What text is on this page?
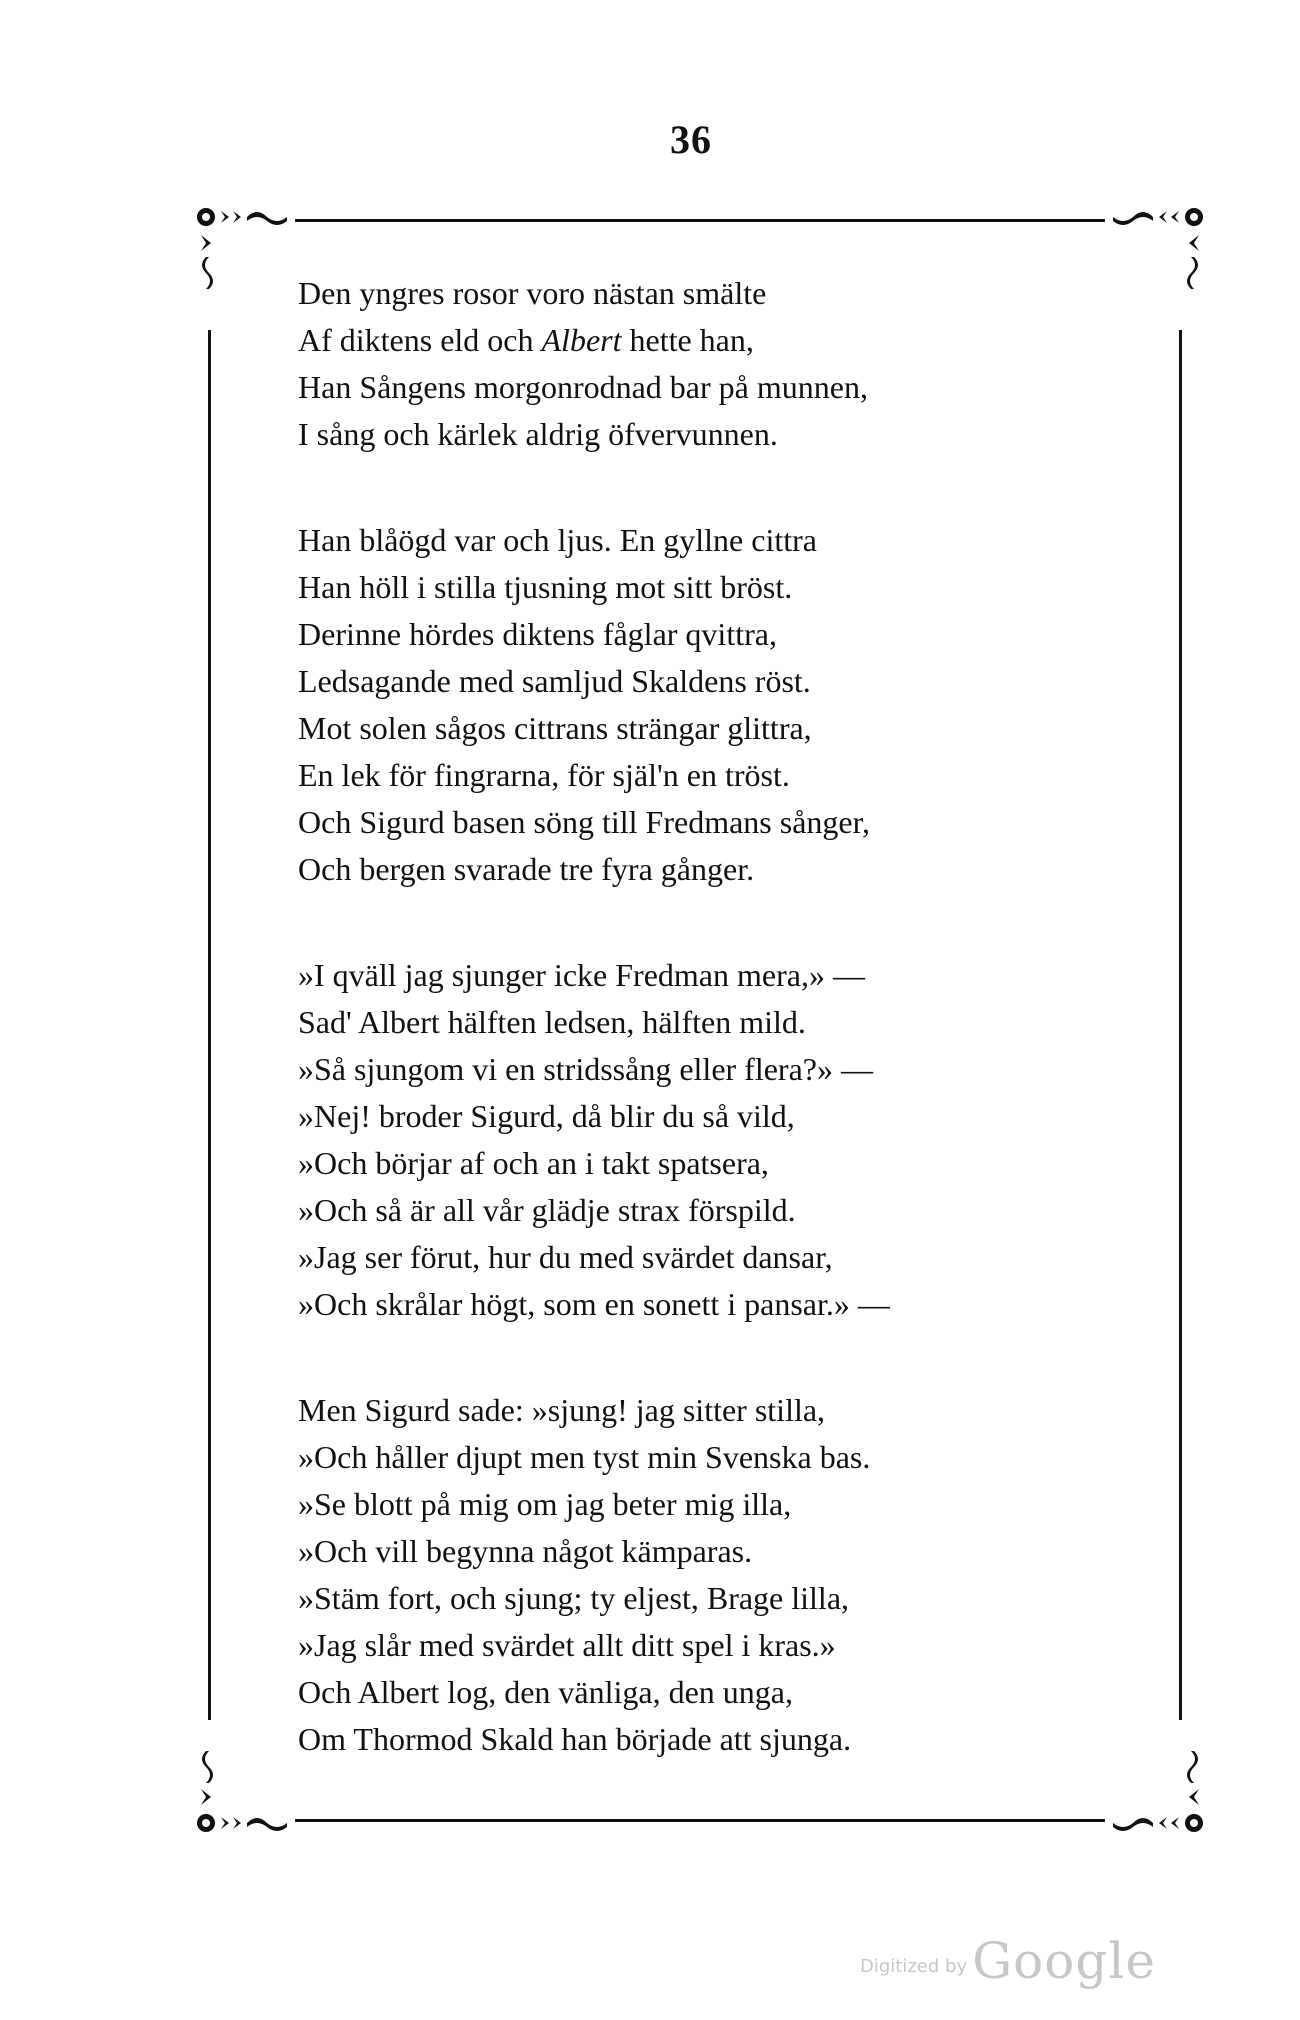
36
Den yngres rosor voro nästan smälte
Af diktens eld och Albert hette han,
Han Sångens morgonrodnad bar på munnen,
I sång och kärlek aldrig öfvervunnen.
Han blåögd var och ljus. En gyllne cittra
Han höll i stilla tjusning mot sitt bröst.
Derinne hördes diktens fåglar qvittra,
Ledsagande med samljud Skaldens röst.
Mot solen sågos cittrans strängar glittra,
En lek för fingrarna, för själ'n en tröst.
Och Sigurd basen söng till Fredmans sånger,
Och bergen svarade tre fyra gånger.
»I qväll jag sjunger icke Fredman mera,» —
Sad' Albert hälften ledsen, hälften mild.
»Så sjungom vi en stridssång eller flera?» —
»Nej! broder Sigurd, då blir du så vild,
»Och börjar af och an i takt spatsera,
»Och så är all vår glädje strax förspild.
»Jag ser förut, hur du med svärdet dansar,
»Och skrålar högt, som en sonett i pansar.» —
Men Sigurd sade: »sjung! jag sitter stilla,
»Och håller djupt men tyst min Svenska bas.
»Se blott på mig om jag beter mig illa,
»Och vill begynna något kämparas.
»Stäm fort, och sjung; ty eljest, Brage lilla,
»Jag slår med svärdet allt ditt spel i kras.»
Och Albert log, den vänliga, den unga,
Om Thormod Skald han började att sjunga.
Digitized by Google
